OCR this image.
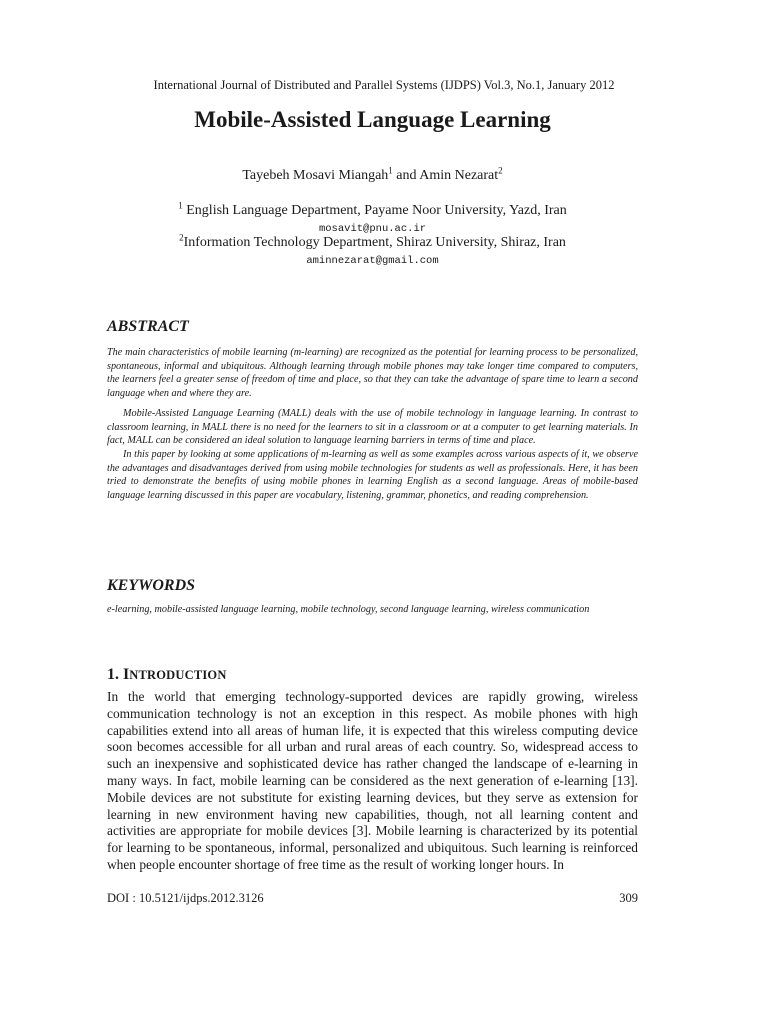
International Journal of Distributed and Parallel Systems (IJDPS) Vol.3, No.1, January 2012
Mobile-Assisted Language Learning
Tayebeh Mosavi Miangah$^1$ and Amin Nezarat$^2$
$^1$ English Language Department, Payame Noor University, Yazd, Iran
mosavit@pnu.ac.ir
$^2$Information Technology Department, Shiraz University, Shiraz, Iran
aminnezarat@gmail.com
ABSTRACT

The main characteristics of mobile learning (m-learning) are recognized as the potential for learning process to be personalized, spontaneous, informal and ubiquitous. Although learning through mobile phones may take longer time compared to computers, the learners feel a greater sense of freedom of time and place, so that they can take the advantage of spare time to learn a second language when and where they are.

Mobile-Assisted Language Learning (MALL) deals with the use of mobile technology in language learning. In contrast to classroom learning, in MALL there is no need for the learners to sit in a classroom or at a computer to get learning materials. In fact, MALL can be considered an ideal solution to language learning barriers in terms of time and place.

In this paper by looking at some applications of m-learning as well as some examples across various aspects of it, we observe the advantages and disadvantages derived from using mobile technologies for students as well as professionals. Here, it has been tried to demonstrate the benefits of using mobile phones in learning English as a second language. Areas of mobile-based language learning discussed in this paper are vocabulary, listening, grammar, phonetics, and reading comprehension.

KEYWORDS
e-learning, mobile-assisted language learning, mobile technology, second language learning, wireless communication
1. INTRODUCTION

In the world that emerging technology-supported devices are rapidly growing, wireless communication technology is not an exception in this respect. As mobile phones with high capabilities extend into all areas of human life, it is expected that this wireless computing device soon becomes accessible for all urban and rural areas of each country. So, widespread access to such an inexpensive and sophisticated device has rather changed the landscape of e-learning in many ways. In fact, mobile learning can be considered as the next generation of e-learning [13]. Mobile devices are not substitute for existing learning devices, but they serve as extension for learning in new environment having new capabilities, though, not all learning content and activities are appropriate for mobile devices [3]. Mobile learning is characterized by its potential for learning to be spontaneous, informal, personalized and ubiquitous. Such learning is reinforced when people encounter shortage of free time as the result of working longer hours. In

DOI : 10.5121/ijdps.2012.3126	309
